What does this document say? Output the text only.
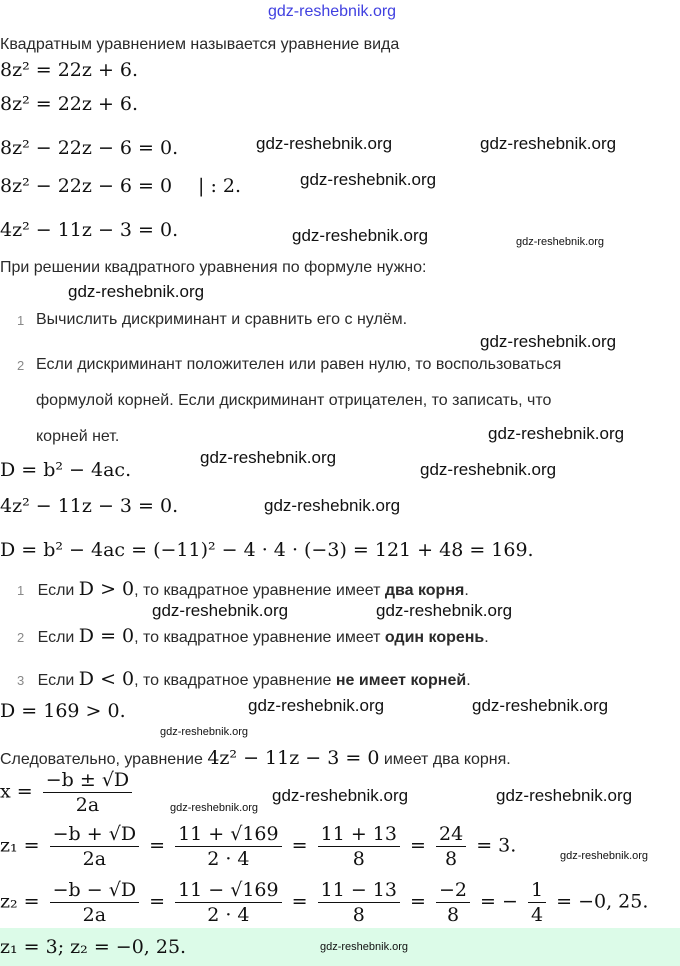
gdz-reshebnik.org
Квадратным уравнением называется уравнение вида
8z² = 22z + 6.
8z² = 22z + 6.
8z² − 22z − 6 = 0.
8z² − 22z − 6 = 0 | : 2.
4z² − 11z − 3 = 0.
При решении квадратного уравнения по формуле нужно:
1 Вычислить дискриминант и сравнить его с нулём.
2 Если дискриминант положителен или равен нулю, то воспользоваться
формулой корней. Если дискриминант отрицателен, то записать, что
корней нет.
D = b² − 4ac.
4z² − 11z − 3 = 0.
D = b² − 4ac = (−11)² − 4 · 4 · (−3) = 121 + 48 = 169.
1 Если D > 0, то квадратное уравнение имеет два корня.
2 Если D = 0, то квадратное уравнение имеет один корень.
3 Если D < 0, то квадратное уравнение не имеет корней.
D = 169 > 0.
Следовательно, уравнение 4z² − 11z − 3 = 0 имеет два корня.
$x = \frac{-b \pm √D}{2a}$
$z_1 = \frac{-b + √D}{2a} = \frac{11 + √169}{2 \cdot 4} = \frac{11 + 13}{8} = \frac{24}{8} = 3$.
$z_2 = \frac{-b - √D}{2a} = \frac{11 - √169}{2 \cdot 4} = \frac{11 - 13}{8} = \frac{-2}{8}$ = − $\frac{1}{4} = -0$, 25.
z₁ = 3; z₂ = −0, 25.	gdz-reshebnik.org
gdz-reshebnik.org	gdz-reshebnik.org
gdz-reshebnik.org
gdz-reshebnik.org	gdz-reshebnik.org
gdz-reshebnik.org
gdz-reshebnik.org
gdz-reshebnik.org
gdz-reshebnik.org
gdz-reshebnik.org
gdz-reshebnik.org
gdz-reshebnik.org	gdz-reshebnik.org
gdz-reshebnik.org	gdz-reshebnik.org
gdz-reshebnik.org
gdz-reshebnik.org
gdz-reshebnik.org	gdz-reshebnik.org
gdz-reshebnik.org
